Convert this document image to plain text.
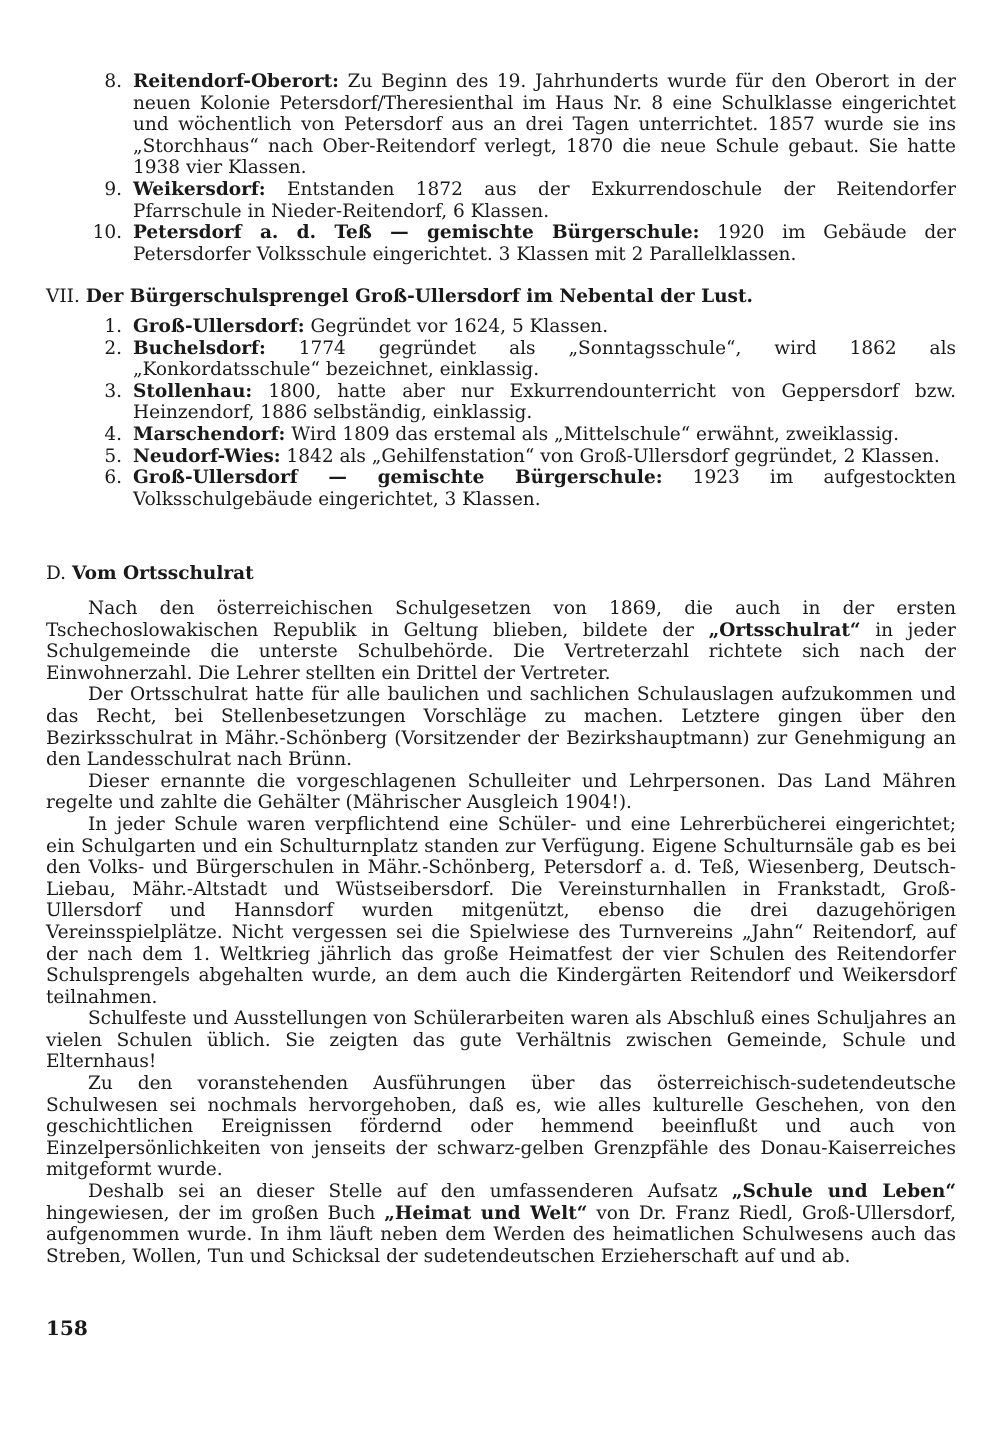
8. Reitendorf-Oberort: Zu Beginn des 19. Jahrhunderts wurde für den Oberort in der neuen Kolonie Petersdorf/Theresienthal im Haus Nr. 8 eine Schulklasse eingerichtet und wöchentlich von Petersdorf aus an drei Tagen unterrichtet. 1857 wurde sie ins „Storchhaus“ nach Ober-Reitendorf verlegt, 1870 die neue Schule gebaut. Sie hatte 1938 vier Klassen.
9. Weikersdorf: Entstanden 1872 aus der Exkurrendoschule der Reitendorfer Pfarrschule in Nieder-Reitendorf, 6 Klassen.
10. Petersdorf a. d. Teß — gemischte Bürgerschule: 1920 im Gebäude der Petersdorfer Volksschule eingerichtet. 3 Klassen mit 2 Parallelklassen.
VII. Der Bürgerschulsprengel Groß-Ullersdorf im Nebental der Lust.
1. Groß-Ullersdorf: Gegründet vor 1624, 5 Klassen.
2. Buchelsdorf: 1774 gegründet als „Sonntagsschule“, wird 1862 als „Konkordatsschule“ bezeichnet, einklassig.
3. Stollenhau: 1800, hatte aber nur Exkurrendounterricht von Geppersdorf bzw. Heinzendorf, 1886 selbständig, einklassig.
4. Marschendorf: Wird 1809 das erstemal als „Mittelschule“ erwähnt, zweiklassig.
5. Neudorf-Wies: 1842 als „Gehilfenstation“ von Groß-Ullersdorf gegründet, 2 Klassen.
6. Groß-Ullersdorf — gemischte Bürgerschule: 1923 im aufgestockten Volksschulgebäude eingerichtet, 3 Klassen.
D. Vom Ortsschulrat

Nach den österreichischen Schulgesetzen von 1869, die auch in der ersten Tschechoslowakischen Republik in Geltung blieben, bildete der „Ortsschulrat“ in jeder Schulgemeinde die unterste Schulbehörde. Die Vertreterzahl richtete sich nach der Einwohnerzahl. Die Lehrer stellten ein Drittel der Vertreter.

Der Ortsschulrat hatte für alle baulichen und sachlichen Schulauslagen aufzukommen und das Recht, bei Stellenbesetzungen Vorschläge zu machen. Letztere gingen über den Bezirksschulrat in Mähr.-Schönberg (Vorsitzender der Bezirkshauptmann) zur Genehmigung an den Landesschulrat nach Brünn.

Dieser ernannte die vorgeschlagenen Schulleiter und Lehrpersonen. Das Land Mähren regelte und zahlte die Gehälter (Mährischer Ausgleich 1904!).

In jeder Schule waren verpflichtend eine Schüler- und eine Lehrerbücherei eingerichtet; ein Schulgarten und ein Schulturnplatz standen zur Verfügung. Eigene Schulturnsäle gab es bei den Volks- und Bürgerschulen in Mähr.-Schönberg, Petersdorf a. d. Teß, Wiesenberg, Deutsch-Liebau, Mähr.-Altstadt und Wüstseibersdorf. Die Vereinsturnhallen in Frankstadt, Groß-Ullersdorf und Hannsdorf wurden mitgenützt, ebenso die drei dazugehörigen Vereinsspielplätze. Nicht vergessen sei die Spielwiese des Turnvereins „Jahn“ Reitendorf, auf der nach dem 1. Weltkrieg jährlich das große Heimatfest der vier Schulen des Reitendorfer Schulsprengels abgehalten wurde, an dem auch die Kindergärten Reitendorf und Weikersdorf teilnahmen.

Schulfeste und Ausstellungen von Schülerarbeiten waren als Abschluß eines Schuljahres an vielen Schulen üblich. Sie zeigten das gute Verhältnis zwischen Gemeinde, Schule und Elternhaus!

Zu den voranstehenden Ausführungen über das österreichisch-sudetendeutsche Schulwesen sei nochmals hervorgehoben, daß es, wie alles kulturelle Geschehen, von den geschichtlichen Ereignissen fördernd oder hemmend beeinflußt und auch von Einzelpersönlichkeiten von jenseits der schwarz-gelben Grenzpfähle des Donau-Kaiserreiches mitgeformt wurde.

Deshalb sei an dieser Stelle auf den umfassenderen Aufsatz „Schule und Leben“ hingewiesen, der im großen Buch „Heimat und Welt“ von Dr. Franz Riedl, Groß-Ullersdorf, aufgenommen wurde. In ihm läuft neben dem Werden des heimatlichen Schulwesens auch das Streben, Wollen, Tun und Schicksal der sudetendeutschen Erzieherschaft auf und ab.

158
